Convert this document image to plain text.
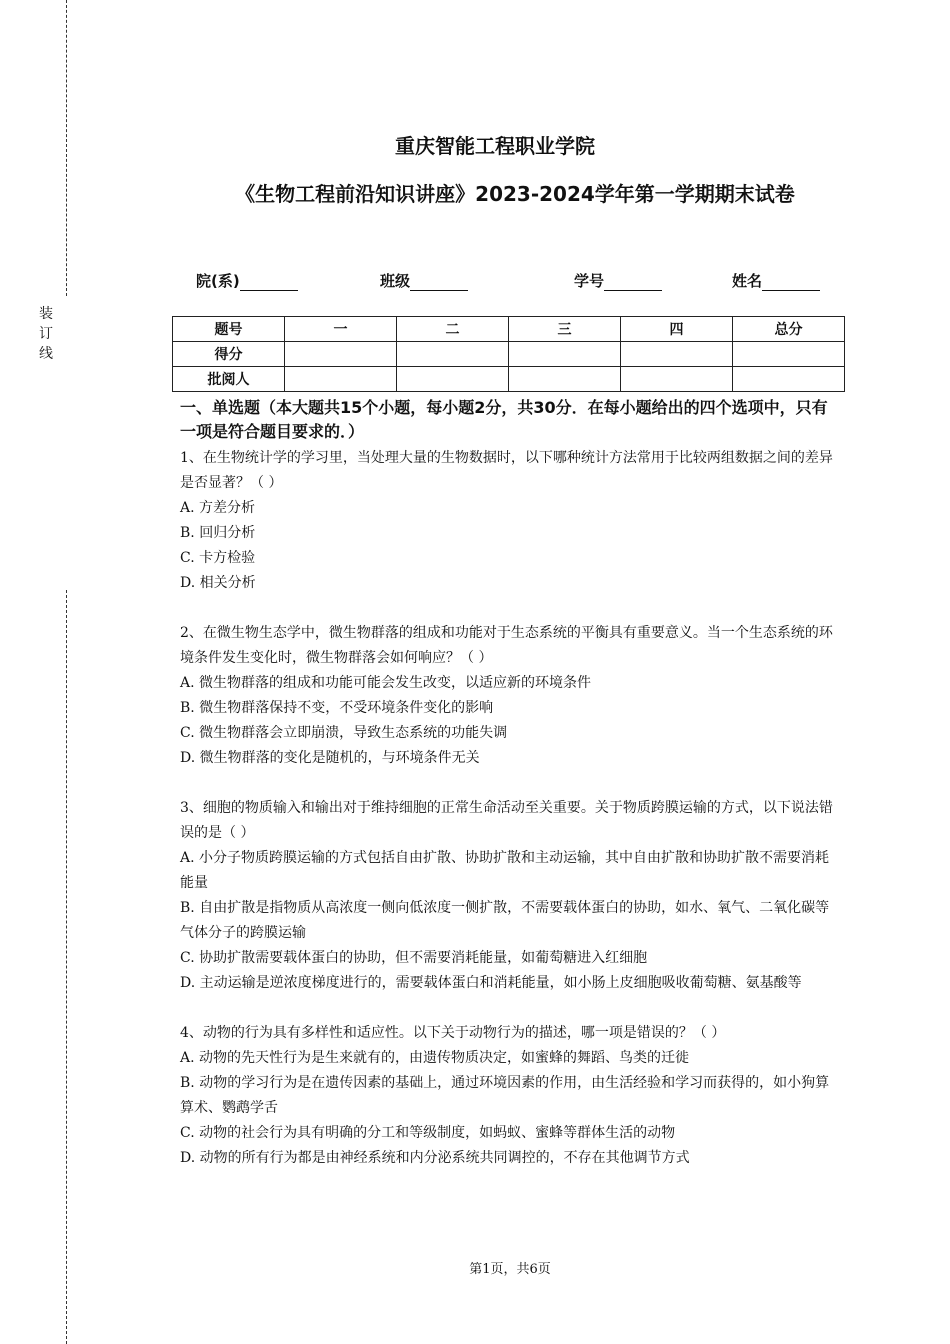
装订线
重庆智能工程职业学院
《生物工程前沿知识讲座》2023-2024学年第一学期期末试卷
院(系)	班级	学号	姓名
题号	一	二	三	四	总分
得分					
批阅人					
一、单选题（本大题共15个小题，每小题2分，共30分．在每小题给出的四个选项中，只有一项是符合题目要求的．）

1、在生物统计学的学习里，当处理大量的生物数据时，以下哪种统计方法常用于比较两组数据之间的差异是否显著？（ ）

A. 方差分析

B. 回归分析

C. 卡方检验

D. 相关分析

2、在微生物生态学中，微生物群落的组成和功能对于生态系统的平衡具有重要意义。当一个生态系统的环境条件发生变化时，微生物群落会如何响应？（ ）

A. 微生物群落的组成和功能可能会发生改变，以适应新的环境条件

B. 微生物群落保持不变，不受环境条件变化的影响

C. 微生物群落会立即崩溃，导致生态系统的功能失调

D. 微生物群落的变化是随机的，与环境条件无关

3、细胞的物质输入和输出对于维持细胞的正常生命活动至关重要。关于物质跨膜运输的方式，以下说法错误的是（ ）

A. 小分子物质跨膜运输的方式包括自由扩散、协助扩散和主动运输，其中自由扩散和协助扩散不需要消耗能量

B. 自由扩散是指物质从高浓度一侧向低浓度一侧扩散，不需要载体蛋白的协助，如水、氧气、二氧化碳等气体分子的跨膜运输

C. 协助扩散需要载体蛋白的协助，但不需要消耗能量，如葡萄糖进入红细胞

D. 主动运输是逆浓度梯度进行的，需要载体蛋白和消耗能量，如小肠上皮细胞吸收葡萄糖、氨基酸等

4、动物的行为具有多样性和适应性。以下关于动物行为的描述，哪一项是错误的？（ ）

A. 动物的先天性行为是生来就有的，由遗传物质决定，如蜜蜂的舞蹈、鸟类的迁徙

B. 动物的学习行为是在遗传因素的基础上，通过环境因素的作用，由生活经验和学习而获得的，如小狗算算术、鹦鹉学舌

C. 动物的社会行为具有明确的分工和等级制度，如蚂蚁、蜜蜂等群体生活的动物

D. 动物的所有行为都是由神经系统和内分泌系统共同调控的，不存在其他调节方式

第1页，共6页
